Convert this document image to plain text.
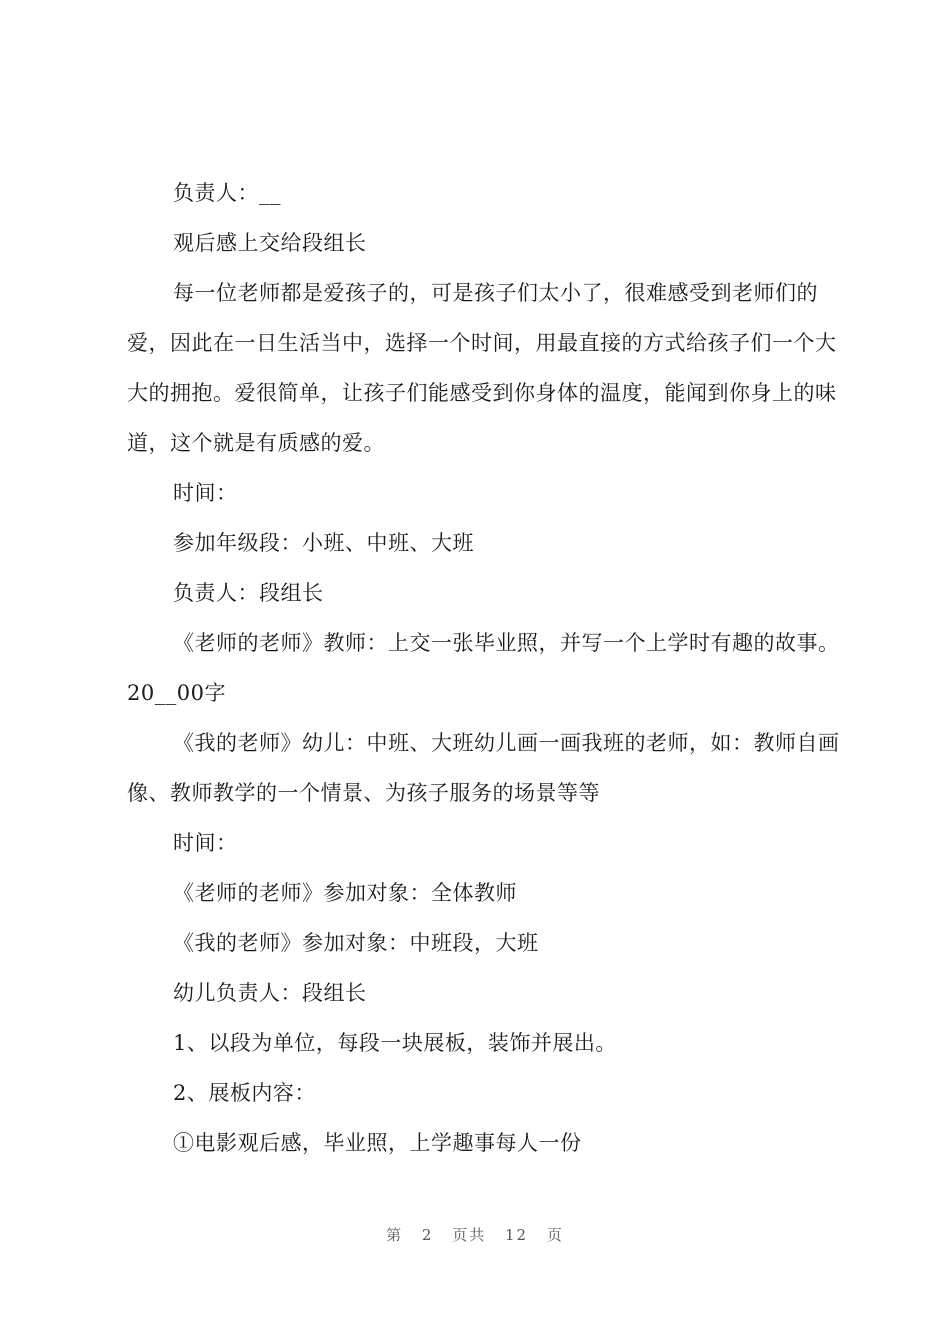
负责人：__

观后感上交给段组长

每一位老师都是爱孩子的，可是孩子们太小了，很难感受到老师们的爱，因此在一日生活当中，选择一个时间，用最直接的方式给孩子们一个大大的拥抱。爱很简单，让孩子们能感受到你身体的温度，能闻到你身上的味道，这个就是有质感的爱。

时间：

参加年级段：小班、中班、大班

负责人：段组长

《老师的老师》教师：上交一张毕业照，并写一个上学时有趣的故事。20__00字

《我的老师》幼儿：中班、大班幼儿画一画我班的老师，如：教师自画像、教师教学的一个情景、为孩子服务的场景等等

时间：

《老师的老师》参加对象：全体教师

《我的老师》参加对象：中班段，大班

幼儿负责人：段组长

1、以段为单位，每段一块展板，装饰并展出。

2、展板内容：

①电影观后感，毕业照，上学趣事每人一份

第 2 页共 12 页
